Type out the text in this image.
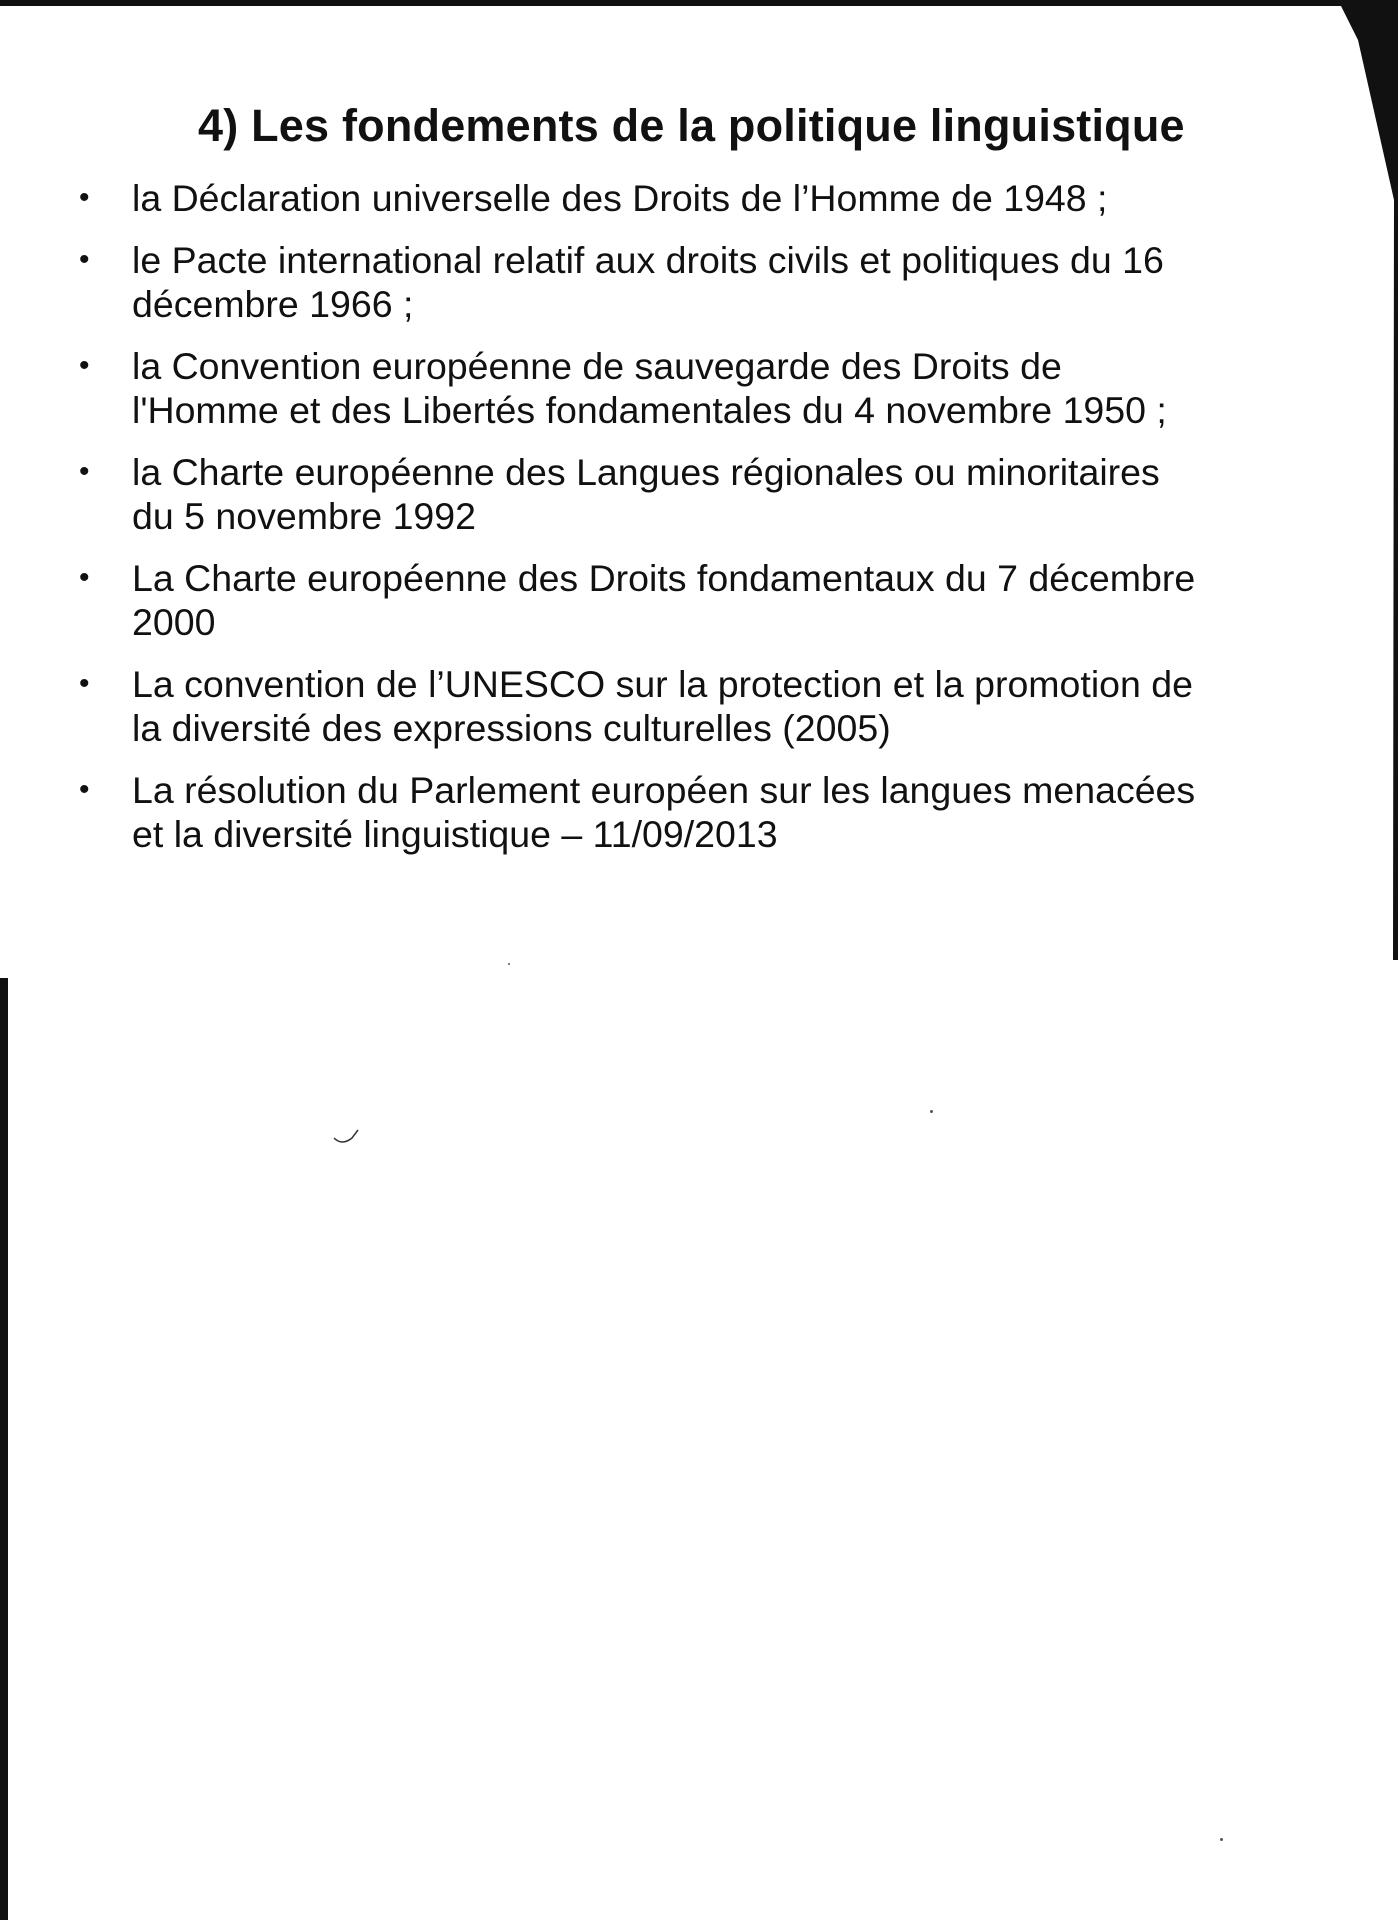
4) Les fondements de la politique linguistique
• la Déclaration universelle des Droits de l’Homme de 1948 ;
• le Pacte international relatif aux droits civils et politiques du 16
décembre 1966 ;
• la Convention européenne de sauvegarde des Droits de
l'Homme et des Libertés fondamentales du 4 novembre 1950 ;
• la Charte européenne des Langues régionales ou minoritaires
du 5 novembre 1992
• La Charte européenne des Droits fondamentaux du 7 décembre
2000
• La convention de l’UNESCO sur la protection et la promotion de
la diversité des expressions culturelles (2005)
• La résolution du Parlement européen sur les langues menacées
et la diversité linguistique – 11/09/2013
